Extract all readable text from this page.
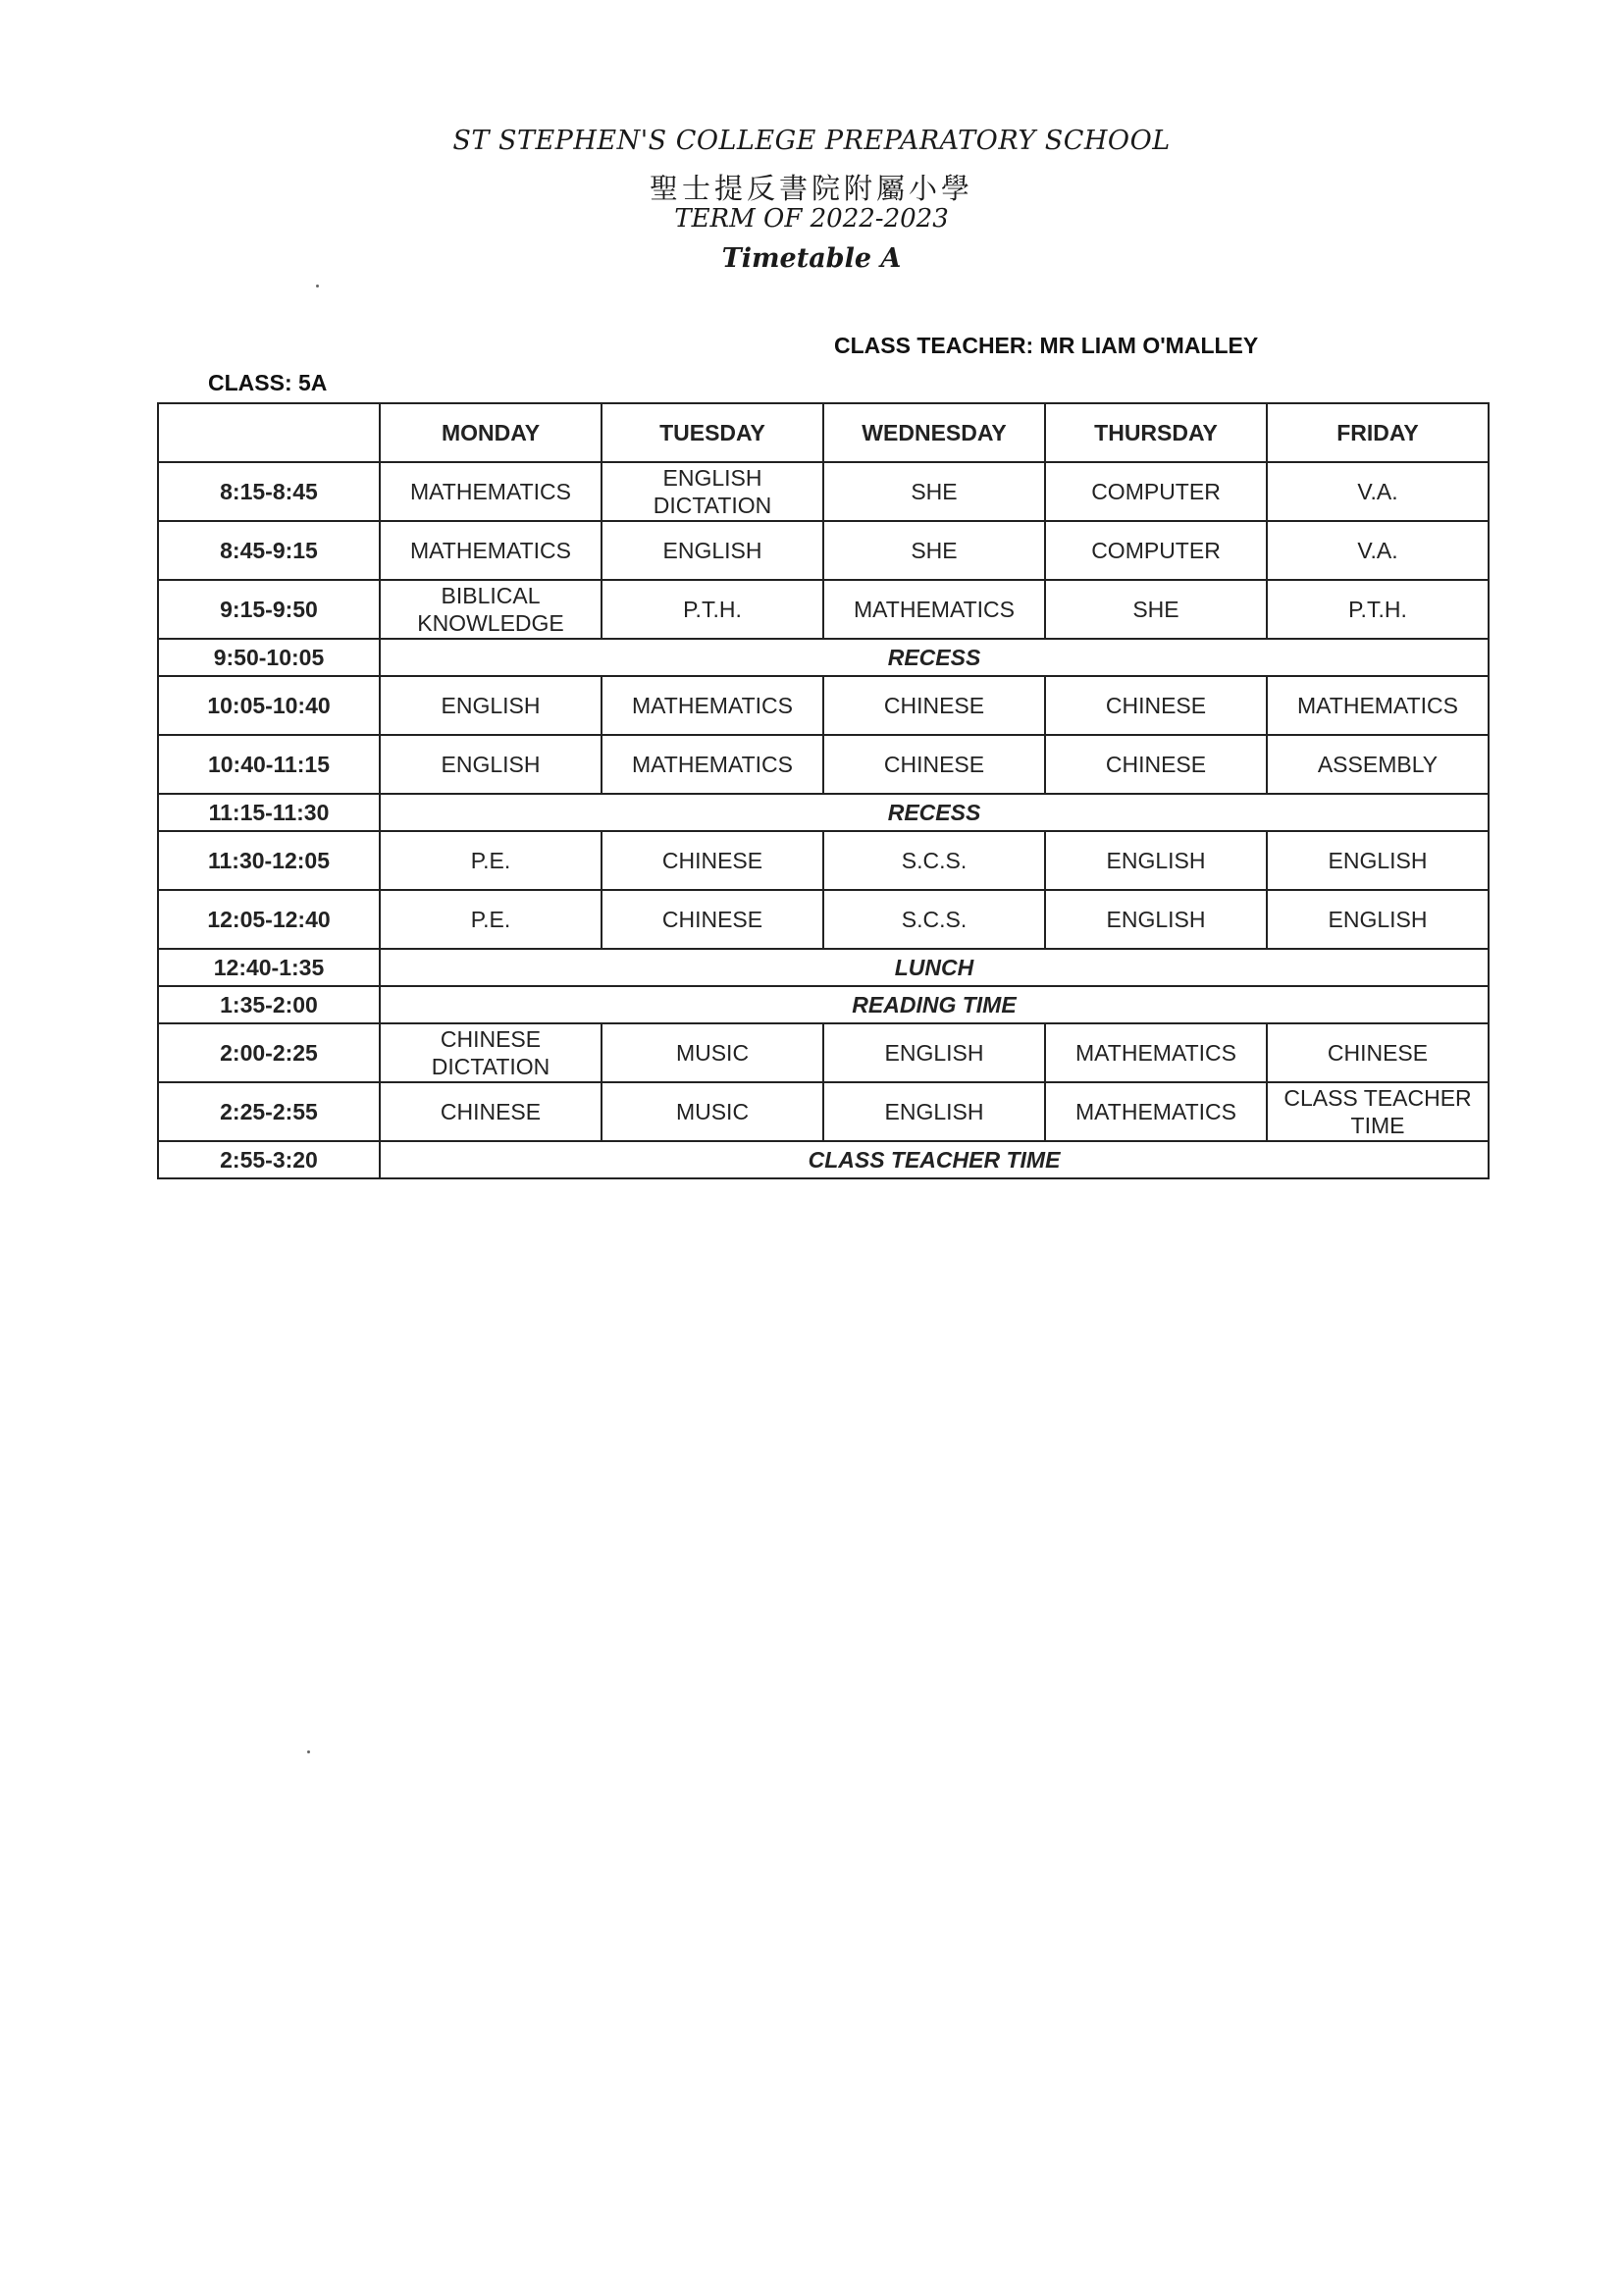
ST STEPHEN'S COLLEGE PREPARATORY SCHOOL
聖士提反書院附屬小學
TERM OF 2022-2023
Timetable A
CLASS TEACHER: MR LIAM O'MALLEY
CLASS: 5A
	MONDAY	TUESDAY	WEDNESDAY	THURSDAY	FRIDAY
8:15-8:45	MATHEMATICS	ENGLISH
DICTATION	SHE	COMPUTER	V.A.
8:45-9:15	MATHEMATICS	ENGLISH	SHE	COMPUTER	V.A.
9:15-9:50	BIBLICAL
KNOWLEDGE	P.T.H.	MATHEMATICS	SHE	P.T.H.
9:50-10:05	RECESS				
10:05-10:40	ENGLISH	MATHEMATICS	CHINESE	CHINESE	MATHEMATICS
10:40-11:15	ENGLISH	MATHEMATICS	CHINESE	CHINESE	ASSEMBLY
11:15-11:30	RECESS				
11:30-12:05	P.E.	CHINESE	S.C.S.	ENGLISH	ENGLISH
12:05-12:40	P.E.	CHINESE	S.C.S.	ENGLISH	ENGLISH
12:40-1:35	LUNCH				
1:35-2:00	READING TIME				
2:00-2:25	CHINESE
DICTATION	MUSIC	ENGLISH	MATHEMATICS	CHINESE
2:25-2:55	CHINESE	MUSIC	ENGLISH	MATHEMATICS	CLASS TEACHER
TIME
2:55-3:20	CLASS TEACHER TIME				
